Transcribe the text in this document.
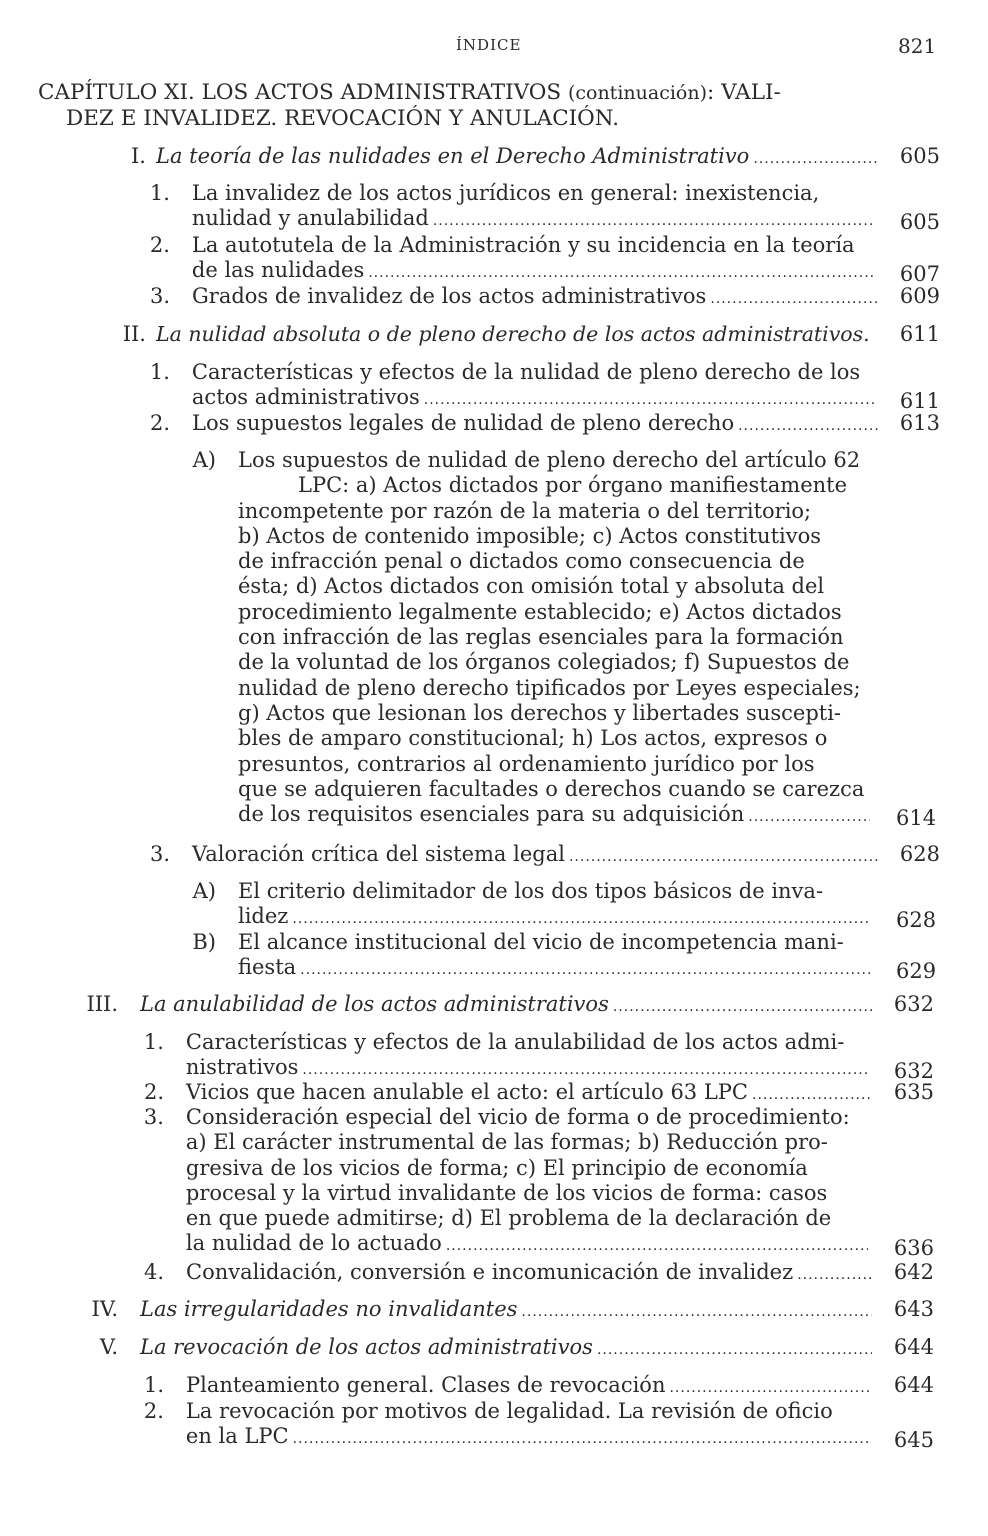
ÍNDICE	821
CAPÍTULO XI. LOS ACTOS ADMINISTRATIVOS (continuación): VALI-
DEZ E INVALIDEZ. REVOCACIÓN Y ANULACIÓN.
I. La teoría de las nulidades en el Derecho Administrativo .....	605
1. La invalidez de los actos jurídicos en general: inexistencia,
nulidad y anulabilidad .....	605
2. La autotutela de la Administración y su incidencia en la teoría
de las nulidades .....	607
3. Grados de invalidez de los actos administrativos .....	609
II. La nulidad absoluta o de pleno derecho de los actos administrativos. 611
1. Características y efectos de la nulidad de pleno derecho de los
actos administrativos .....	611
2. Los supuestos legales de nulidad de pleno derecho .....	613
A) Los supuestos de nulidad de pleno derecho del artículo 62
LPC: a) Actos dictados por órgano manifiestamente
incompetente por razón de la materia o del territorio;
b) Actos de contenido imposible; c) Actos constitutivos
de infracción penal o dictados como consecuencia de
ésta; d) Actos dictados con omisión total y absoluta del
procedimiento legalmente establecido; e) Actos dictados
con infracción de las reglas esenciales para la formación
de la voluntad de los órganos colegiados; f) Supuestos de
nulidad de pleno derecho tipificados por Leyes especiales;
g) Actos que lesionan los derechos y libertades suscepti-
bles de amparo constitucional; h) Los actos, expresos o
presuntos, contrarios al ordenamiento jurídico por los
que se adquieren facultades o derechos cuando se carezca
de los requisitos esenciales para su adquisición .....	614
3. Valoración crítica del sistema legal .....	628
A) El criterio delimitador de los dos tipos básicos de inva-
lidez .....	628
B) El alcance institucional del vicio de incompetencia mani-
fiesta .....	629
III. La anulabilidad de los actos administrativos .....	632
1. Características y efectos de la anulabilidad de los actos admi-
nistrativos .....	632
2. Vicios que hacen anulable el acto: el artículo 63 LPC .....	635
3. Consideración especial del vicio de forma o de procedimiento:
a) El carácter instrumental de las formas; b) Reducción pro-
gresiva de los vicios de forma; c) El principio de economía
procesal y la virtud invalidante de los vicios de forma: casos
en que puede admitirse; d) El problema de la declaración de
la nulidad de lo actuado .....	636
4. Convalidación, conversión e incomunicación de invalidez .....	642
IV. Las irregularidades no invalidantes .....	643
V. La revocación de los actos administrativos .....	644
1. Planteamiento general. Clases de revocación .....	644
2. La revocación por motivos de legalidad. La revisión de oficio
en la LPC .....	645
